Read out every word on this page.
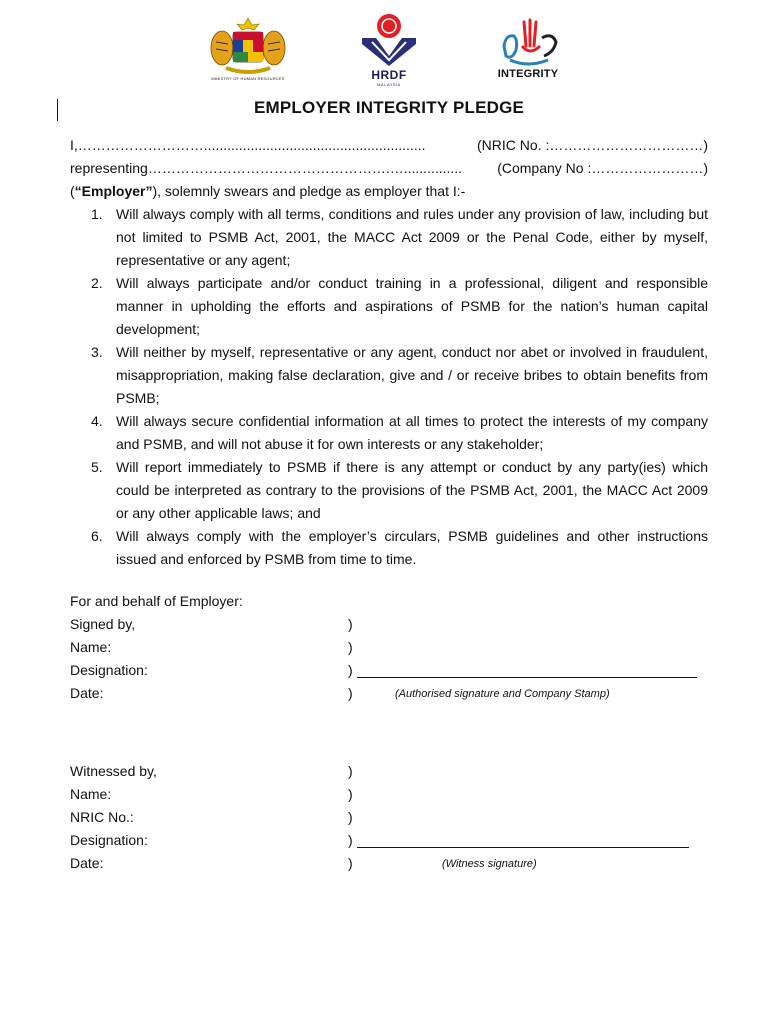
MINISTRY OF HUMAN RESOURCES	HRDF
MALAYSIA
INTEGRITY
EMPLOYER INTEGRITY PLEDGE
I,……………………….........................................................	(NRIC No. :……………………………)
representing…………………………………………….…...............	(Company No :……………………)
(“Employer”), solemnly swears and pledge as employer that I:-
1. Will always comply with all terms, conditions and rules under any provision of law, including but not limited to PSMB Act, 2001, the MACC Act 2009 or the Penal Code, either by myself, representative or any agent;
2. Will always participate and/or conduct training in a professional, diligent and responsible manner in upholding the efforts and aspirations of PSMB for the nation’s human capital development;
3. Will neither by myself, representative or any agent, conduct nor abet or involved in fraudulent, misappropriation, making false declaration, give and / or receive bribes to obtain benefits from PSMB;
4. Will always secure confidential information at all times to protect the interests of my company and PSMB, and will not abuse it for own interests or any stakeholder;
5. Will report immediately to PSMB if there is any attempt or conduct by any party(ies) which could be interpreted as contrary to the provisions of the PSMB Act, 2001, the MACC Act 2009 or any other applicable laws; and
6. Will always comply with the employer’s circulars, PSMB guidelines and other instructions issued and enforced by PSMB from time to time.
For and behalf of Employer:
Signed by,	)
Name:	)
Designation:	)
Date:	)	(Authorised signature and Company Stamp)
Witnessed by,	)
Name:	)
NRIC No.:	)
Designation:	)
Date:	)	(Witness signature)
